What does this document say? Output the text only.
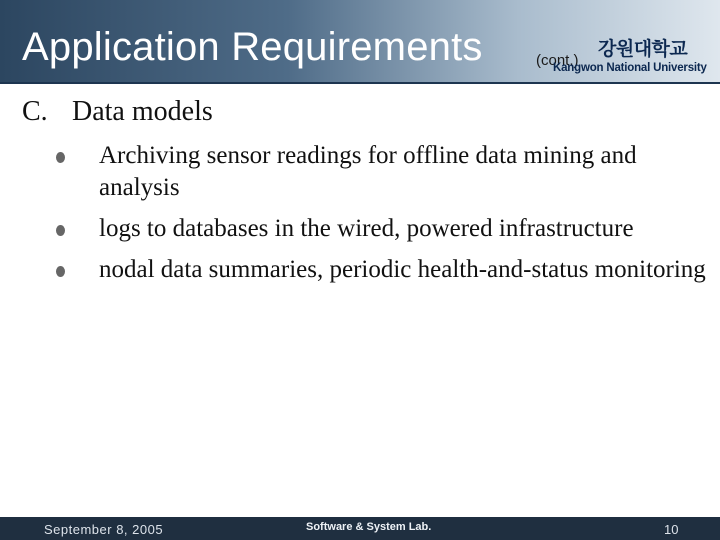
Application Requirements	(cont.)
강원대학교
Kangwon National University
C. Data models
Archiving sensor readings for offline data mining and analysis
logs to databases in the wired, powered infrastructure
nodal data summaries, periodic health-and-status monitoring
September 8, 2005	Software & System Lab.	10
